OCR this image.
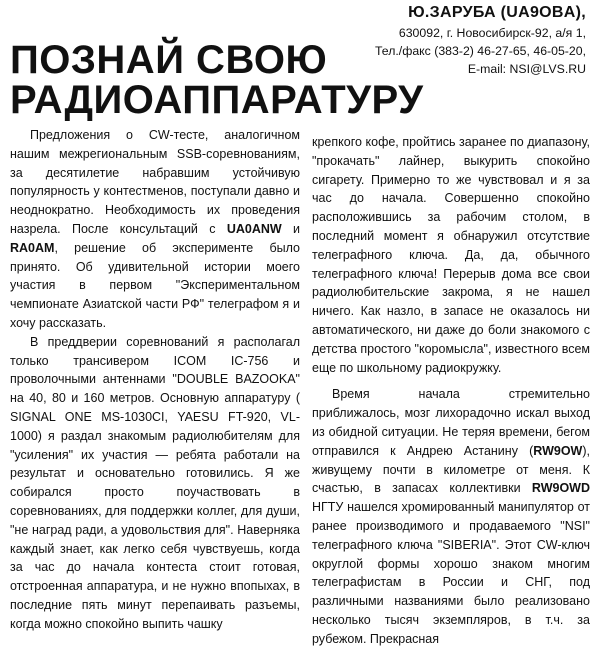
Ю.ЗАРУБА (UA9OBA),
630092, г. Новосибирск-92, а/я 1,
Тел./факс (383-2) 46-27-65, 46-05-20,
E-mail: NSI@LVS.RU
ПОЗНАЙ СВОЮ
РАДИОАППАРАТУРУ

Предложения о CW-тесте, аналогичном нашим межрегиональным SSB-соревнованиям, за десятилетие набравшим устойчивую популярность у контестменов, поступали давно и неоднократно. Необходимость их проведения назрела. После консультаций с UA0ANW и RA0AM, решение об эксперименте было принято. Об удивительной истории моего участия в первом "Экспериментальном чемпионате Азиатской части РФ" телеграфом я и хочу рассказать.

В преддверии соревнований я располагал только трансивером ICOM IC-756 и проволочными антеннами "DOUBLE BAZOOKA" на 40, 80 и 160 метров. Основную аппаратуру ( SIGNAL ONE MS-1030CI, YAESU FT-920, VL-1000) я раздал знакомым радиолюбителям для "усиления" их участия — ребята работали на результат и основательно готовились. Я же собирался просто поучаствовать в соревнованиях, для поддержки коллег, для души, "не наград ради, а удовольствия для". Наверняка каждый знает, как легко себя чувствуешь, когда за час до начала контеста стоит готовая, отстроенная аппаратура, и не нужно впопыхах, в последние пять минут перепаивать разъемы, когда можно спокойно выпить чашку

крепкого кофе, пройтись заранее по диапазону, "прокачать" лайнер, выкурить спокойно сигарету. Примерно то же чувствовал и я за час до начала. Совершенно спокойно расположившись за рабочим столом, в последний момент я обнаружил отсутствие телеграфного ключа. Да, да, обычного телеграфного ключа! Перерыв дома все свои радиолюбительские закрома, я не нашел ничего. Как назло, в запасе не оказалось ни автоматического, ни даже до боли знакомого с детства простого "коромысла", известного всем еще по школьному радиокружку.

Время начала стремительно приближалось, мозг лихорадочно искал выход из обидной ситуации. Не теряя времени, бегом отправился к Андрею Астанину (RW9OW), живущему почти в километре от меня. К счастью, в запасах коллективки RW9OWD НГТУ нашелся хромированный манипулятор от ранее производимого и продаваемого "NSI" телеграфного ключа "SIBERIA". Этот CW-ключ округлой формы хорошо знаком многим телеграфистам в России и СНГ, под различными названиями было реализовано несколько тысяч экземпляров, в т.ч. за рубежом. Прекрасная
